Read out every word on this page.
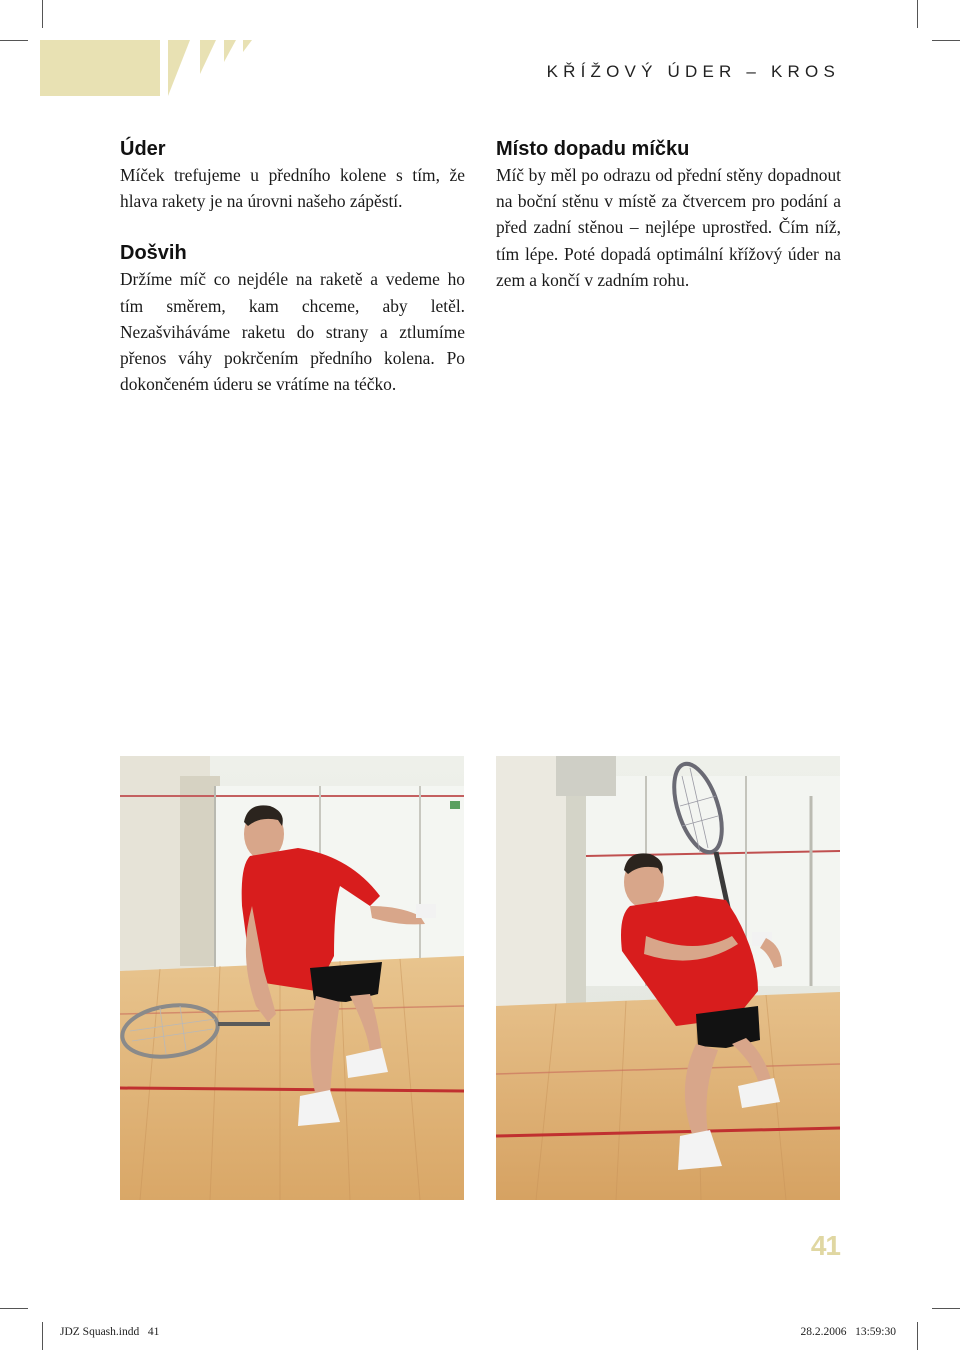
KŘÍŽOVÝ ÚDER – KROS
Úder

Míček trefujeme u předního kolene s tím, že hlava rakety je na úrovni našeho zápěstí.

Došvih

Držíme míč co nejdéle na raketě a vedeme ho tím směrem, kam chceme, aby letěl. Nezašviháváme raketu do strany a ztlumíme přenos váhy pokrčením předního kolena. Po dokončeném úderu se vrátíme na téčko.

Místo dopadu míčku

Míč by měl po odrazu od přední stěny dopadnout na boční stěnu v místě za čtvercem pro podání a před zadní stěnou – nejlépe uprostřed. Čím níž, tím lépe. Poté dopadá optimální křížový úder na zem a končí v zadním rohu.

41
JDZ Squash.indd   41	28.2.2006   13:59:30
